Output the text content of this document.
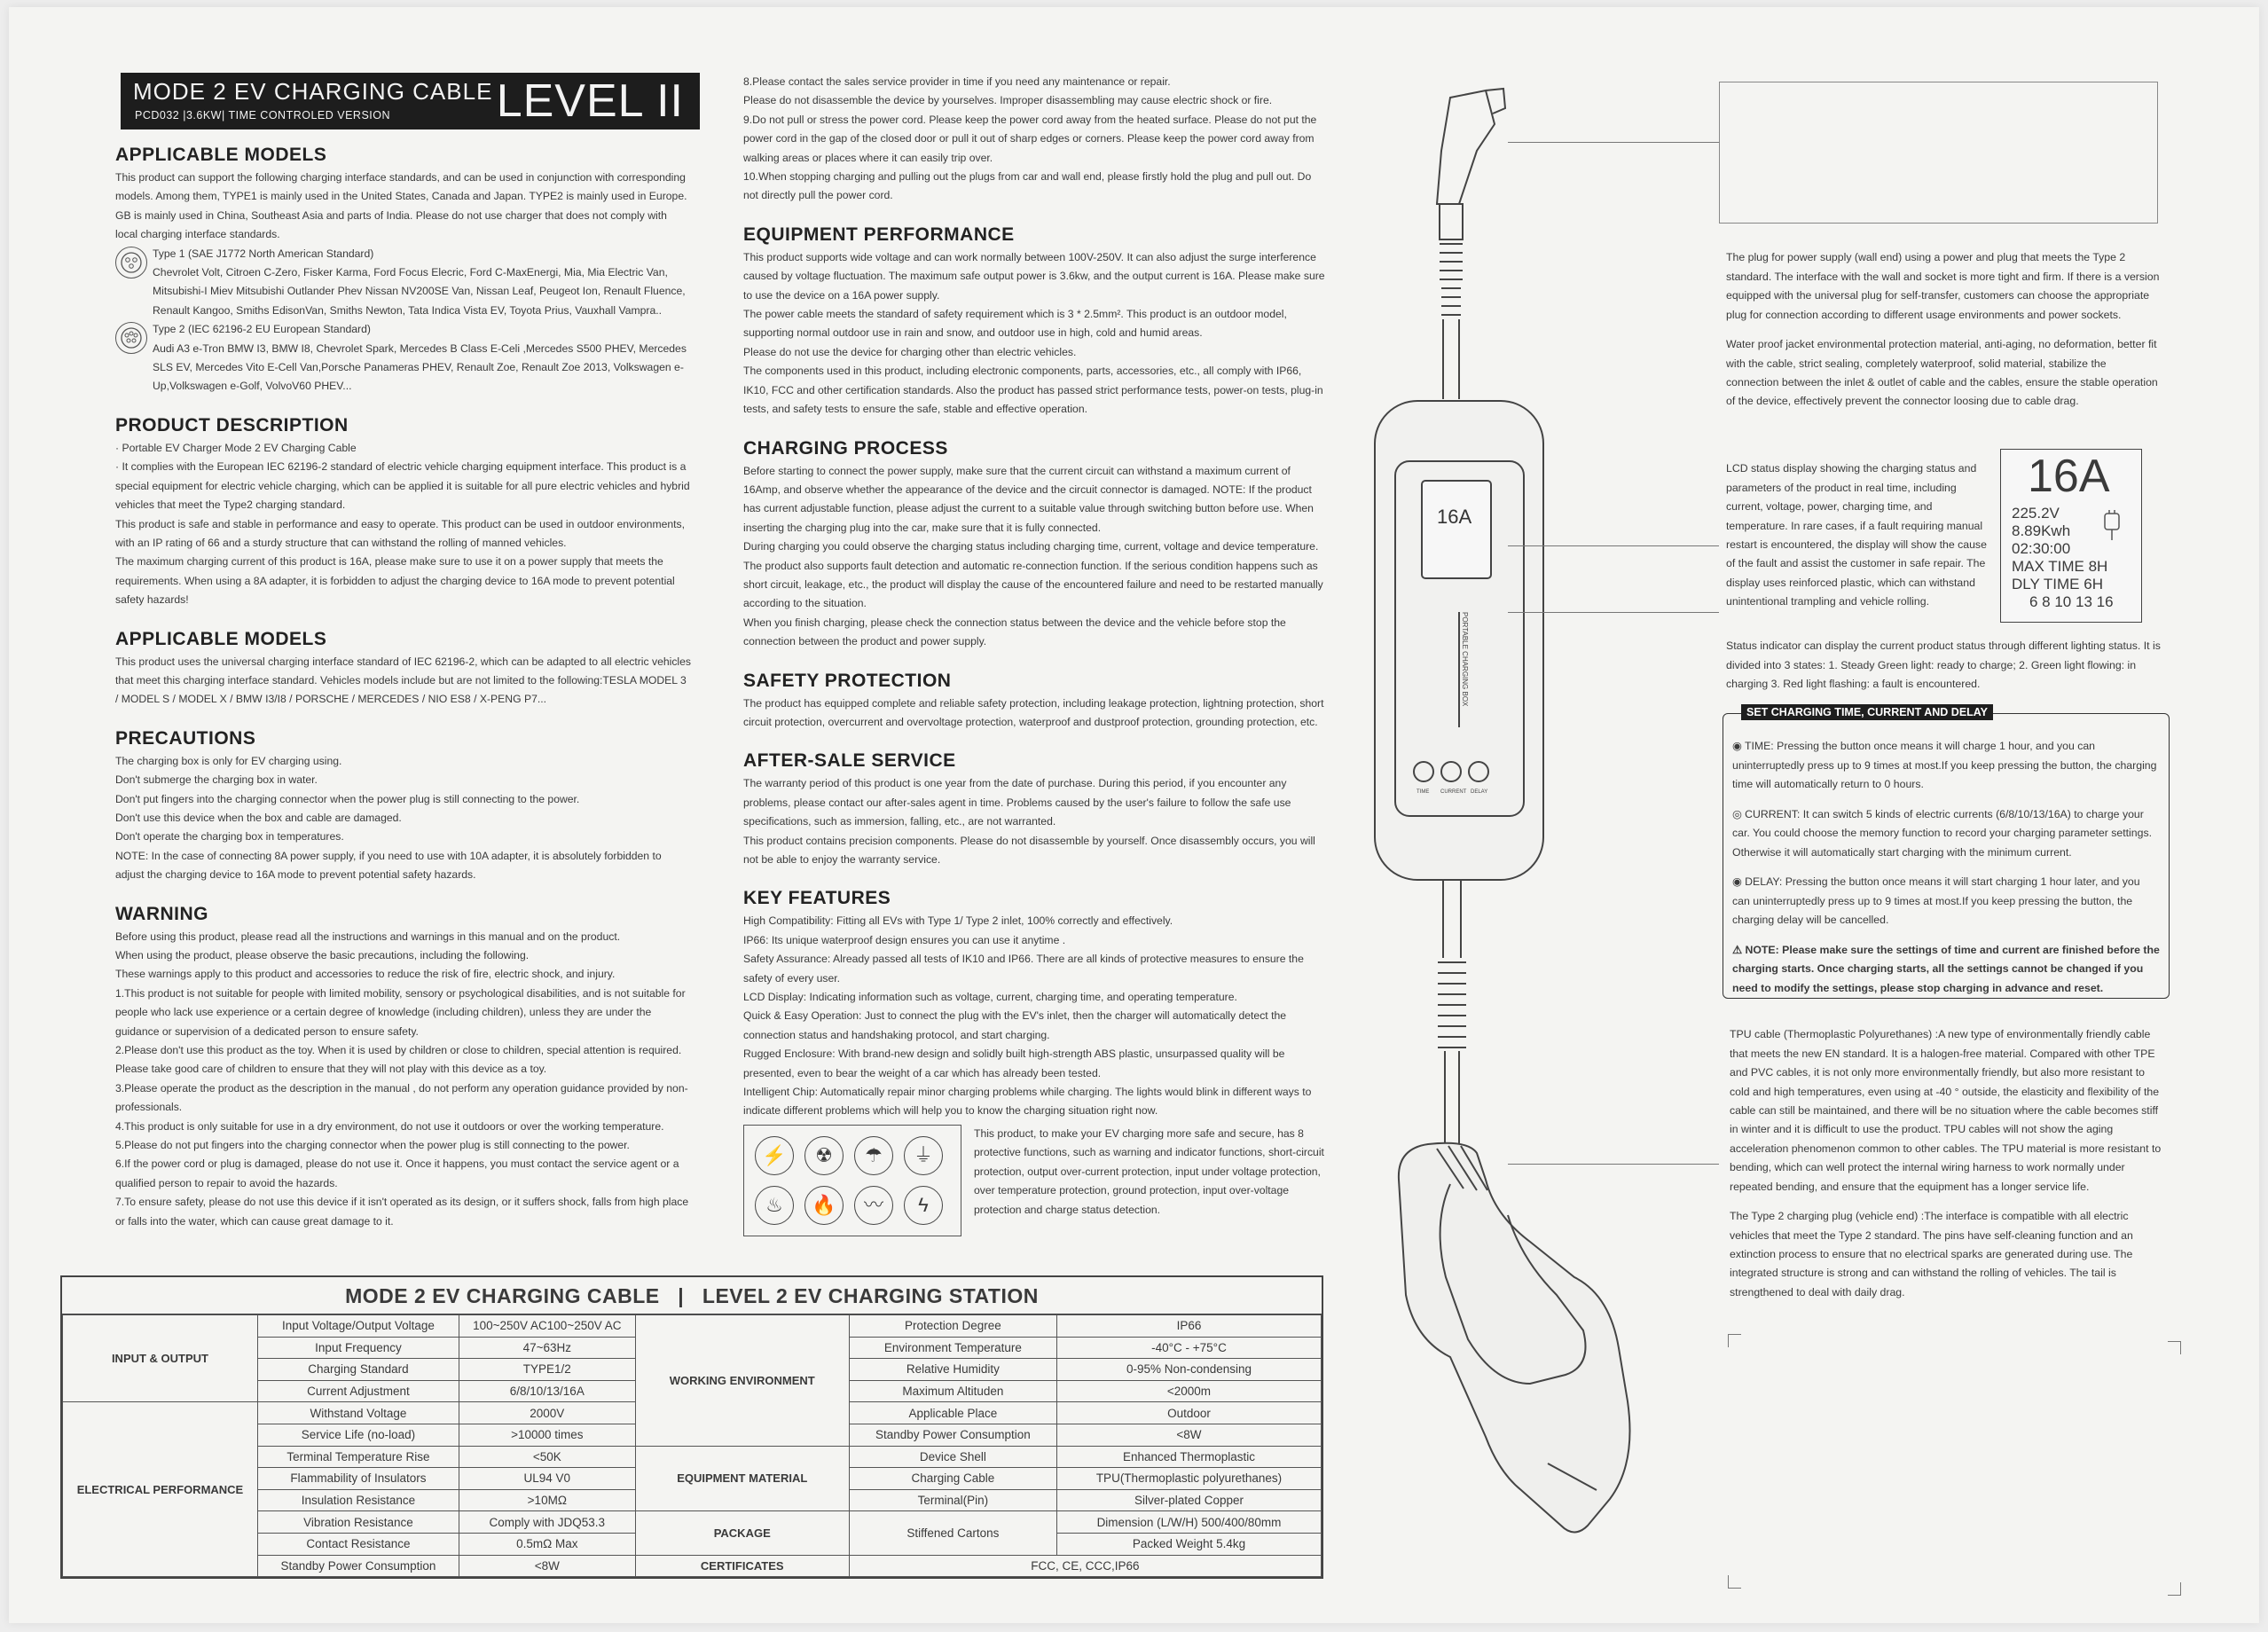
MODE 2 EV CHARGING CABLE
PCD032 |3.6KW| TIME CONTROLED VERSION LEVEL II
APPLICABLE MODELS

This product can support the following charging interface standards, and can be used in conjunction with corresponding models. Among them, TYPE1 is mainly used in the United States, Canada and Japan. TYPE2 is mainly used in Europe. GB is mainly used in China, Southeast Asia and parts of India. Please do not use charger that does not comply with local charging interface standards.

Type 1 (SAE J1772 North American Standard)

Chevrolet Volt, Citroen C-Zero, Fisker Karma, Ford Focus Elecric, Ford C-MaxEnergi, Mia, Mia Electric Van, Mitsubishi-I Miev Mitsubishi Outlander Phev Nissan NV200SE Van, Nissan Leaf, Peugeot Ion, Renault Fluence, Renault Kangoo, Smiths EdisonVan, Smiths Newton, Tata Indica Vista EV, Toyota Prius, Vauxhall Vampra..

Type 2 (IEC 62196-2 EU European Standard)

Audi A3 e-Tron BMW I3, BMW I8, Chevrolet Spark, Mercedes B Class E-Celi ,Mercedes S500 PHEV, Mercedes SLS EV, Mercedes Vito E-Cell Van,Porsche Panameras PHEV, Renault Zoe, Renault Zoe 2013, Volkswagen e-Up,Volkswagen e-Golf, VolvoV60 PHEV...

PRODUCT DESCRIPTION

· Portable EV Charger Mode 2 EV Charging Cable

· It complies with the European IEC 62196-2 standard of electric vehicle charging equipment interface. This product is a special equipment for electric vehicle charging, which can be applied it is suitable for all pure electric vehicles and hybrid vehicles that meet the Type2 charging standard.

This product is safe and stable in performance and easy to operate. This product can be used in outdoor environments, with an IP rating of 66 and a sturdy structure that can withstand the rolling of manned vehicles.

The maximum charging current of this product is 16A, please make sure to use it on a power supply that meets the requirements. When using a 8A adapter, it is forbidden to adjust the charging device to 16A mode to prevent potential safety hazards!

APPLICABLE MODELS

This product uses the universal charging interface standard of IEC 62196-2, which can be adapted to all electric vehicles that meet this charging interface standard. Vehicles models include but are not limited to the following:TESLA MODEL 3 / MODEL S / MODEL X / BMW I3/I8 / PORSCHE / MERCEDES / NIO ES8 / X-PENG P7...

PRECAUTIONS

The charging box is only for EV charging using.

Don't submerge the charging box in water.

Don't put fingers into the charging connector when the power plug is still connecting to the power.

Don't use this device when the box and cable are damaged.

Don't operate the charging box in temperatures.

NOTE: In the case of connecting 8A power supply, if you need to use with 10A adapter, it is absolutely forbidden to adjust the charging device to 16A mode to prevent potential safety hazards.

WARNING

Before using this product, please read all the instructions and warnings in this manual and on the product.

When using the product, please observe the basic precautions, including the following.

These warnings apply to this product and accessories to reduce the risk of fire, electric shock, and injury.

1.This product is not suitable for people with limited mobility, sensory or psychological disabilities, and is not suitable for people who lack use experience or a certain degree of knowledge (including children), unless they are under the guidance or supervision of a dedicated person to ensure safety.

2.Please don't use this product as the toy. When it is used by children or close to children, special attention is required. Please take good care of children to ensure that they will not play with this device as a toy.

3.Please operate the product as the description in the manual , do not perform any operation guidance provided by non-professionals.

4.This product is only suitable for use in a dry environment, do not use it outdoors or over the working temperature.

5.Please do not put fingers into the charging connector when the power plug is still connecting to the power.

6.If the power cord or plug is damaged, please do not use it. Once it happens, you must contact the service agent or a qualified person to repair to avoid the hazards.

7.To ensure safety, please do not use this device if it isn't operated as its design, or it suffers shock, falls from high place or falls into the water, which can cause great damage to it.

8.Please contact the sales service provider in time if you need any maintenance or repair.

Please do not disassemble the device by yourselves. Improper disassembling may cause electric shock or fire.

9.Do not pull or stress the power cord. Please keep the power cord away from the heated surface. Please do not put the power cord in the gap of the closed door or pull it out of sharp edges or corners. Please keep the power cord away from walking areas or places where it can easily trip over.

10.When stopping charging and pulling out the plugs from car and wall end, please firstly hold the plug and pull out. Do not directly pull the power cord.

EQUIPMENT PERFORMANCE

This product supports wide voltage and can work normally between 100V-250V. It can also adjust the surge interference caused by voltage fluctuation. The maximum safe output power is 3.6kw, and the output current is 16A. Please make sure to use the device on a 16A power supply.

The power cable meets the standard of safety requirement which is 3 * 2.5mm². This product is an outdoor model, supporting normal outdoor use in rain and snow, and outdoor use in high, cold and humid areas.

Please do not use the device for charging other than electric vehicles.

The components used in this product, including electronic components, parts, accessories, etc., all comply with IP66, IK10, FCC and other certification standards. Also the product has passed strict performance tests, power-on tests, plug-in tests, and safety tests to ensure the safe, stable and effective operation.

CHARGING PROCESS

Before starting to connect the power supply, make sure that the current circuit can withstand a maximum current of 16Amp, and observe whether the appearance of the device and the circuit connector is damaged. NOTE: If the product has current adjustable function, please adjust the current to a suitable value through switching button before use. When inserting the charging plug into the car, make sure that it is fully connected.

During charging you could observe the charging status including charging time, current, voltage and device temperature. The product also supports fault detection and automatic re-connection function. If the serious condition happens such as short circuit, leakage, etc., the product will display the cause of the encountered failure and need to be restarted manually according to the situation.

When you finish charging, please check the connection status between the device and the vehicle before stop the connection between the product and power supply.

SAFETY PROTECTION

The product has equipped complete and reliable safety protection, including leakage protection, lightning protection, short circuit protection, overcurrent and overvoltage protection, waterproof and dustproof protection, grounding protection, etc.

AFTER-SALE SERVICE

The warranty period of this product is one year from the date of purchase. During this period, if you encounter any problems, please contact our after-sales agent in time. Problems caused by the user's failure to follow the safe use specifications, such as immersion, falling, etc., are not warranted.

This product contains precision components. Please do not disassemble by yourself. Once disassembly occurs, you will not be able to enjoy the warranty service.

KEY FEATURES

High Compatibility: Fitting all EVs with Type 1/ Type 2 inlet, 100% correctly and effectively.

IP66: Its unique waterproof design ensures you can use it anytime .

Safety Assurance: Already passed all tests of IK10 and IP66. There are all kinds of protective measures to ensure the safety of every user.

LCD Display: Indicating information such as voltage, current, charging time, and operating temperature.

Quick & Easy Operation: Just to connect the plug with the EV's inlet, then the charger will automatically detect the connection status and handshaking protocol, and start charging.

Rugged Enclosure: With brand-new design and solidly built high-strength ABS plastic, unsurpassed quality will be presented, even to bear the weight of a car which has already been tested.

Intelligent Chip: Automatically repair minor charging problems while charging. The lights would blink in different ways to indicate different problems which will help you to know the charging situation right now.

⚡	☢	☂	⏚
♨	🔥	〰	ϟ

This product, to make your EV charging more safe and secure, has 8 protective functions, such as warning and indicator functions, short-circuit protection, output over-current protection, input under voltage protection, over temperature protection, ground protection, input over-voltage protection and charge status detection.

MODE 2 EV CHARGING CABLE   |   LEVEL 2 EV CHARGING STATION
INPUT & OUTPUT	Input Voltage/Output Voltage	100~250V AC100~250V AC	WORKING ENVIRONMENT	Protection Degree	IP66
	Input Frequency	47~63Hz		Environment Temperature	-40°C - +75°C
	Charging Standard	TYPE1/2		Relative Humidity	0-95% Non-condensing
	Current Adjustment	6/8/10/13/16A		Maximum Altituden	<2000m
ELECTRICAL PERFORMANCE	Withstand Voltage	2000V		Applicable Place	Outdoor
	Service Life (no-load)	>10000 times		Standby Power Consumption	<8W
	Terminal Temperature Rise	<50K	EQUIPMENT MATERIAL	Device Shell	Enhanced Thermoplastic
	Flammability of Insulators	UL94 V0		Charging Cable	TPU(Thermoplastic polyurethanes)
	Insulation Resistance	>10MΩ		Terminal(Pin)	Silver-plated Copper
	Vibration Resistance	Comply with JDQ53.3	PACKAGE	Stiffened Cartons	Dimension (L/W/H) 500/400/80mm
	Contact Resistance	0.5mΩ Max			Packed Weight 5.4kg
	Standby Power Consumption	<8W	CERTIFICATES	FCC, CE, CCC,IP66	
16A
PORTABLE CHARGING BOX
TIME CURRENT DELAY

The plug for power supply (wall end) using a power and plug that meets the Type 2 standard. The interface with the wall and socket is more tight and firm. If there is a version equipped with the universal plug for self-transfer, customers can choose the appropriate plug for connection according to different usage environments and power sockets.

Water proof jacket environmental protection material, anti-aging, no deformation, better fit with the cable, strict sealing, completely waterproof, solid material, stabilize the connection between the inlet & outlet of cable and the cables, ensure the stable operation of the device, effectively prevent the connector loosing due to cable drag.

LCD status display showing the charging status and parameters of the product in real time, including current, voltage, power, charging time, and temperature. In rare cases, if a fault requiring manual restart is encountered, the display will show the cause of the fault and assist the customer in safe repair. The display uses reinforced plastic, which can withstand unintentional trampling and vehicle rolling.

16A
225.2V
8.89Kwh
02:30:00
MAX TIME 8H
DLY TIME 6H
6 8 10 13 16

Status indicator can display the current product status through different lighting status. It is divided into 3 states: 1. Steady Green light: ready to charge; 2. Green light flowing: in charging 3. Red light flashing: a fault is encountered.

SET CHARGING TIME, CURRENT AND DELAY

◉ TIME: Pressing the button once means it will charge 1 hour, and you can uninterruptedly press up to 9 times at most.If you keep pressing the button, the charging time will automatically return to 0 hours.

◎ CURRENT: It can switch 5 kinds of electric currents (6/8/10/13/16A) to charge your car. You could choose the memory function to record your charging parameter settings. Otherwise it will automatically start charging with the minimum current.

◉ DELAY: Pressing the button once means it will start charging 1 hour later, and you can uninterruptedly press up to 9 times at most.If you keep pressing the button, the charging delay will be cancelled.

⚠ NOTE: Please make sure the settings of time and current are finished before the charging starts. Once charging starts, all the settings cannot be changed if you need to modify the settings, please stop charging in advance and reset.

TPU cable (Thermoplastic Polyurethanes) :A new type of environmentally friendly cable that meets the new EN standard. It is a halogen-free material. Compared with other TPE and PVC cables, it is not only more environmentally friendly, but also more resistant to cold and high temperatures, even using at -40 ° outside, the elasticity and flexibility of the cable can still be maintained, and there will be no situation where the cable becomes stiff in winter and it is difficult to use the product. TPU cables will not show the aging acceleration phenomenon common to other cables. The TPU material is more resistant to bending, which can well protect the internal wiring harness to work normally under repeated bending, and ensure that the equipment has a longer service life.

The Type 2 charging plug (vehicle end) :The interface is compatible with all electric vehicles that meet the Type 2 standard. The pins have self-cleaning function and an extinction process to ensure that no electrical sparks are generated during use. The integrated structure is strong and can withstand the rolling of vehicles. The tail is strengthened to deal with daily drag.
